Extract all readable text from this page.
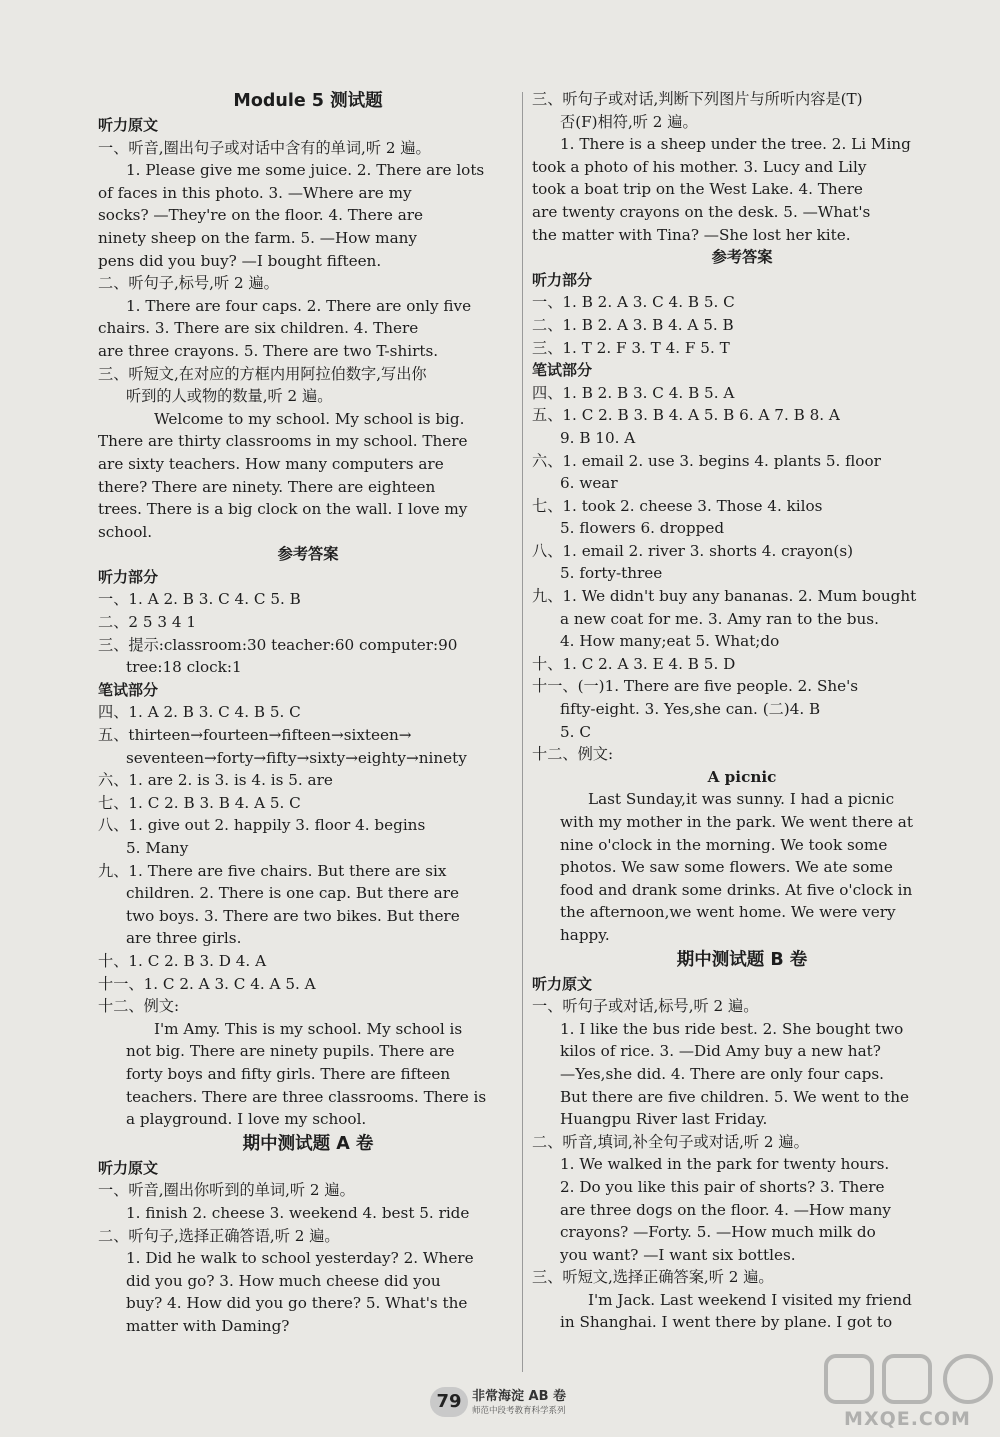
Module 5 测试题
听力原文
一、听音,圈出句子或对话中含有的单词,听 2 遍。
1. Please give me some juice. 2. There are lots
of faces in this photo. 3. —Where are my
socks? —They're on the floor. 4. There are
ninety sheep on the farm. 5. —How many
pens did you buy? —I bought fifteen.
二、听句子,标号,听 2 遍。
1. There are four caps. 2. There are only five
chairs. 3. There are six children. 4. There
are three crayons. 5. There are two T-shirts.
三、听短文,在对应的方框内用阿拉伯数字,写出你
听到的人或物的数量,听 2 遍。
Welcome to my school. My school is big.
There are thirty classrooms in my school. There
are sixty teachers. How many computers are
there? There are ninety. There are eighteen
trees. There is a big clock on the wall. I love my
school.
参考答案
听力部分
一、1. A 2. B 3. C 4. C 5. B
二、2 5 3 4 1
三、提示:classroom:30 teacher:60 computer:90
tree:18 clock:1
笔试部分
四、1. A 2. B 3. C 4. B 5. C
五、thirteen→fourteen→fifteen→sixteen→
seventeen→forty→fifty→sixty→eighty→ninety
六、1. are 2. is 3. is 4. is 5. are
七、1. C 2. B 3. B 4. A 5. C
八、1. give out 2. happily 3. floor 4. begins
5. Many
九、1. There are five chairs. But there are six
children. 2. There is one cap. But there are
two boys. 3. There are two bikes. But there
are three girls.
十、1. C 2. B 3. D 4. A
十一、1. C 2. A 3. C 4. A 5. A
十二、例文:
I'm Amy. This is my school. My school is
not big. There are ninety pupils. There are
forty boys and fifty girls. There are fifteen
teachers. There are three classrooms. There is
a playground. I love my school.
期中测试题 A 卷
听力原文
一、听音,圈出你听到的单词,听 2 遍。
1. finish 2. cheese 3. weekend 4. best 5. ride
二、听句子,选择正确答语,听 2 遍。
1. Did he walk to school yesterday? 2. Where
did you go? 3. How much cheese did you
buy? 4. How did you go there? 5. What's the
matter with Daming?
三、听句子或对话,判断下列图片与所听内容是(T)
否(F)相符,听 2 遍。
1. There is a sheep under the tree. 2. Li Ming
took a photo of his mother. 3. Lucy and Lily
took a boat trip on the West Lake. 4. There
are twenty crayons on the desk. 5. —What's
the matter with Tina? —She lost her kite.
参考答案
听力部分
一、1. B 2. A 3. C 4. B 5. C
二、1. B 2. A 3. B 4. A 5. B
三、1. T 2. F 3. T 4. F 5. T
笔试部分
四、1. B 2. B 3. C 4. B 5. A
五、1. C 2. B 3. B 4. A 5. B 6. A 7. B 8. A
9. B 10. A
六、1. email 2. use 3. begins 4. plants 5. floor
6. wear
七、1. took 2. cheese 3. Those 4. kilos
5. flowers 6. dropped
八、1. email 2. river 3. shorts 4. crayon(s)
5. forty-three
九、1. We didn't buy any bananas. 2. Mum bought
a new coat for me. 3. Amy ran to the bus.
4. How many;eat 5. What;do
十、1. C 2. A 3. E 4. B 5. D
十一、(一)1. There are five people. 2. She's
fifty-eight. 3. Yes,she can. (二)4. B
5. C
十二、例文:
A picnic
Last Sunday,it was sunny. I had a picnic
with my mother in the park. We went there at
nine o'clock in the morning. We took some
photos. We saw some flowers. We ate some
food and drank some drinks. At five o'clock in
the afternoon,we went home. We were very
happy.
期中测试题 B 卷
听力原文
一、听句子或对话,标号,听 2 遍。
1. I like the bus ride best. 2. She bought two
kilos of rice. 3. —Did Amy buy a new hat?
—Yes,she did. 4. There are only four caps.
But there are five children. 5. We went to the
Huangpu River last Friday.
二、听音,填词,补全句子或对话,听 2 遍。
1. We walked in the park for twenty hours.
2. Do you like this pair of shorts? 3. There
are three dogs on the floor. 4. —How many
crayons? —Forty. 5. —How much milk do
you want? —I want six bottles.
三、听短文,选择正确答案,听 2 遍。
I'm Jack. Last weekend I visited my friend
in Shanghai. I went there by plane. I got to
79 非常海淀 AB 卷
师范中段考教育科学系列	MXQE.COM
